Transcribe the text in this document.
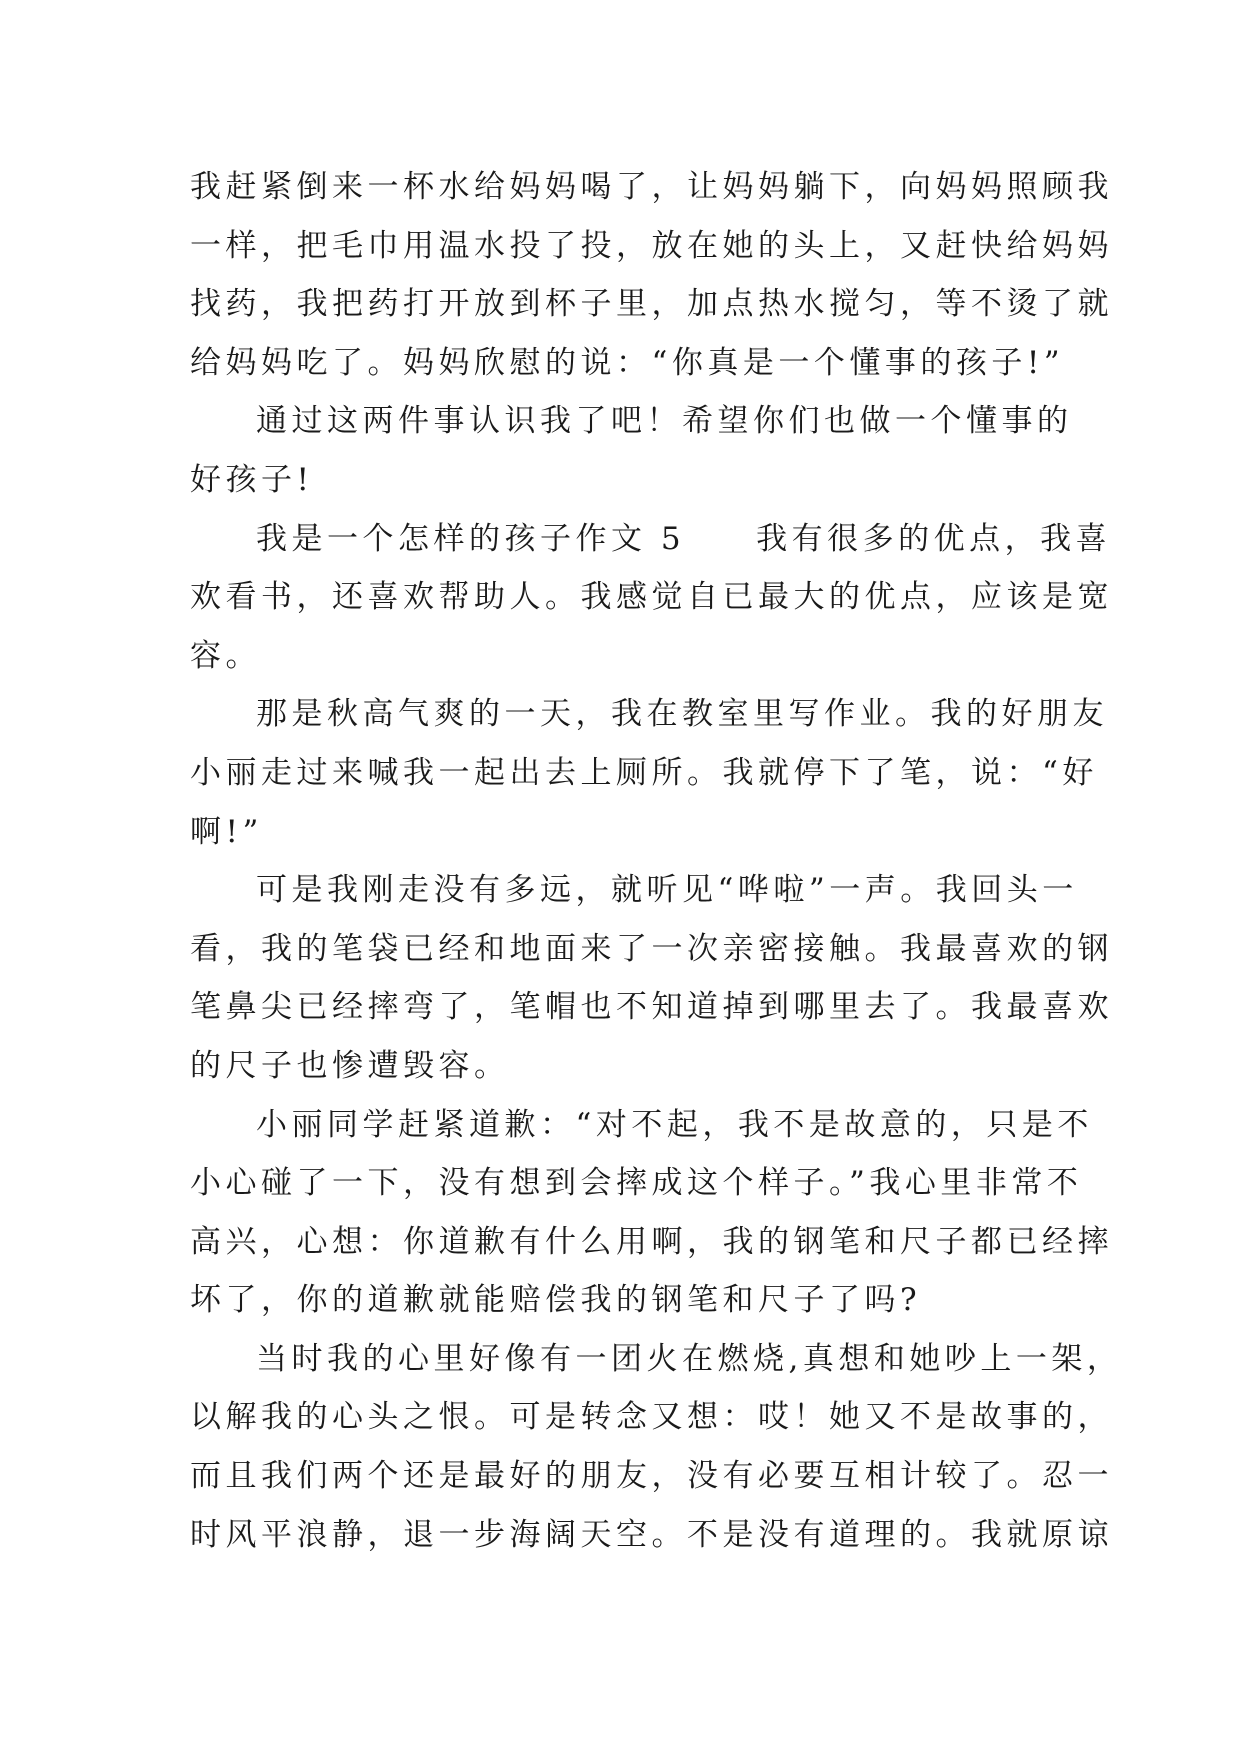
我赶紧倒来一杯水给妈妈喝了，让妈妈躺下，向妈妈照顾我
一样，把毛巾用温水投了投，放在她的头上，又赶快给妈妈
找药，我把药打开放到杯子里，加点热水搅匀，等不烫了就
给妈妈吃了。妈妈欣慰的说：“你真是一个懂事的孩子!”
通过这两件事认识我了吧！希望你们也做一个懂事的
好孩子!
我是一个怎样的孩子作文 5　　我有很多的优点，我喜
欢看书，还喜欢帮助人。我感觉自已最大的优点，应该是宽
容。
那是秋高气爽的一天，我在教室里写作业。我的好朋友
小丽走过来喊我一起出去上厕所。我就停下了笔，说：“好
啊!”
可是我刚走没有多远，就听见“哗啦”一声。我回头一
看，我的笔袋已经和地面来了一次亲密接触。我最喜欢的钢
笔鼻尖已经摔弯了，笔帽也不知道掉到哪里去了。我最喜欢
的尺子也惨遭毁容。
小丽同学赶紧道歉：“对不起，我不是故意的，只是不
小心碰了一下，没有想到会摔成这个样子。”我心里非常不
高兴，心想：你道歉有什么用啊，我的钢笔和尺子都已经摔
坏了，你的道歉就能赔偿我的钢笔和尺子了吗?
当时我的心里好像有一团火在燃烧,真想和她吵上一架，
以解我的心头之恨。可是转念又想：哎！她又不是故事的，
而且我们两个还是最好的朋友，没有必要互相计较了。忍一
时风平浪静，退一步海阔天空。不是没有道理的。我就原谅
